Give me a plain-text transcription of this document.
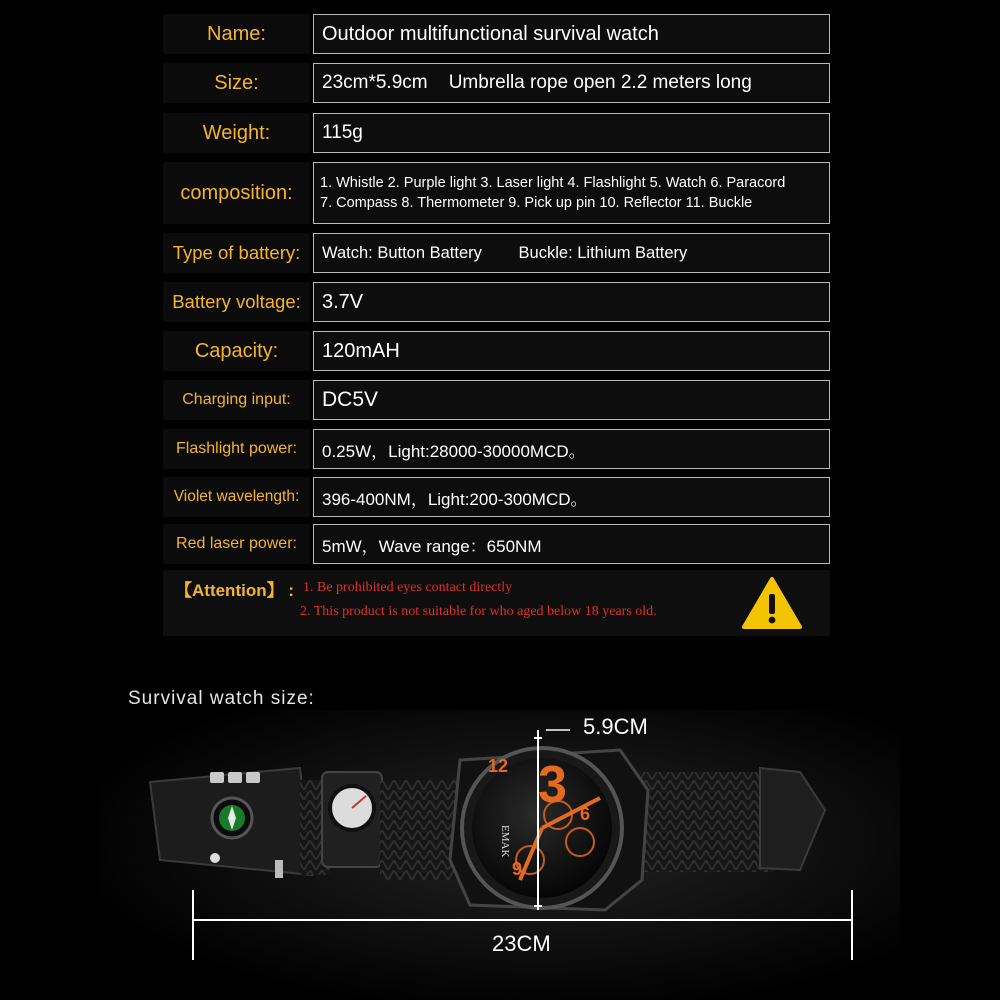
Name:	Outdoor multifunctional survival watch
Size:	23cm*5.9cm    Umbrella rope open 2.2 meters long
Weight:	115g
composition:	1. Whistle 2. Purple light 3. Laser light 4. Flashlight 5. Watch 6. Paracord
7. Compass 8. Thermometer 9. Pick up pin 10. Reflector 11. Buckle
Type of battery:	Watch: Button Battery        Buckle: Lithium Battery
Battery voltage:	3.7V
Capacity:	120mAH
Charging input:	DC5V
Flashlight power:	0.25W，Light:28000-30000MCD。
Violet wavelength:	396-400NM，Light:200-300MCD。
Red laser power:	5mW，Wave range：650NM
【Attention】 : 1. Be prohibited eyes contact directly
2. This product is not suitable for who aged below 18 years old.
Survival watch size:
12 3 6
9
EMAK
5.9CM
23CM
